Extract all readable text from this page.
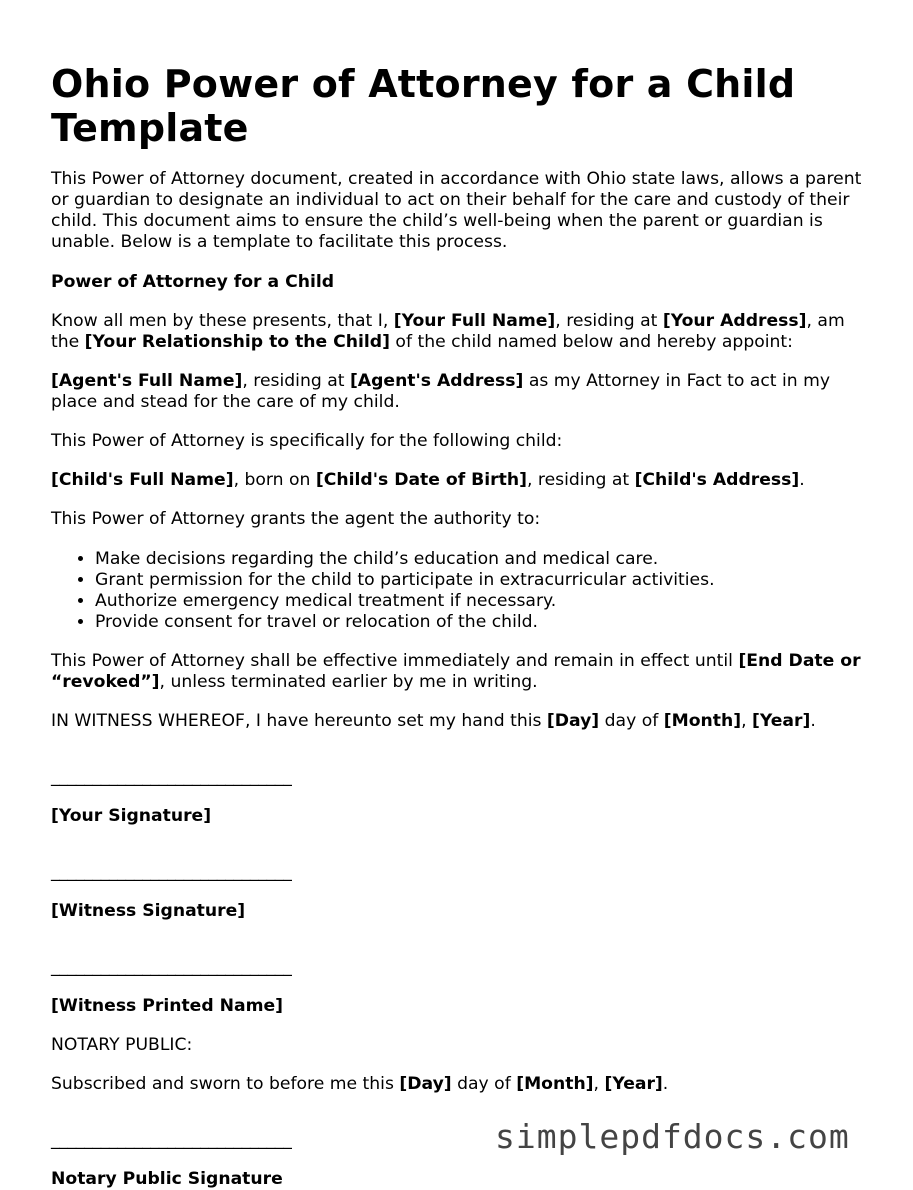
Ohio Power of Attorney for a Child Template

This Power of Attorney document, created in accordance with Ohio state laws, allows a parent or guardian to designate an individual to act on their behalf for the care and custody of their child. This document aims to ensure the child’s well-being when the parent or guardian is unable. Below is a template to facilitate this process.

Power of Attorney for a Child

Know all men by these presents, that I, [Your Full Name], residing at [Your Address], am the [Your Relationship to the Child] of the child named below and hereby appoint:

[Agent's Full Name], residing at [Agent's Address] as my Attorney in Fact to act in my place and stead for the care of my child.

This Power of Attorney is specifically for the following child:

[Child's Full Name], born on [Child's Date of Birth], residing at [Child's Address].

This Power of Attorney grants the agent the authority to:

• Make decisions regarding the child’s education and medical care.
• Grant permission for the child to participate in extracurricular activities.
• Authorize emergency medical treatment if necessary.
• Provide consent for travel or relocation of the child.

This Power of Attorney shall be effective immediately and remain in effect until [End Date or “revoked”], unless terminated earlier by me in writing.

IN WITNESS WHEREOF, I have hereunto set my hand this [Day] day of [Month], [Year].

_____________________________

[Your Signature]

_____________________________

[Witness Signature]

_____________________________

[Witness Printed Name]

NOTARY PUBLIC:

Subscribed and sworn to before me this [Day] day of [Month], [Year].

_____________________________

Notary Public Signature

simplepdfdocs.com
